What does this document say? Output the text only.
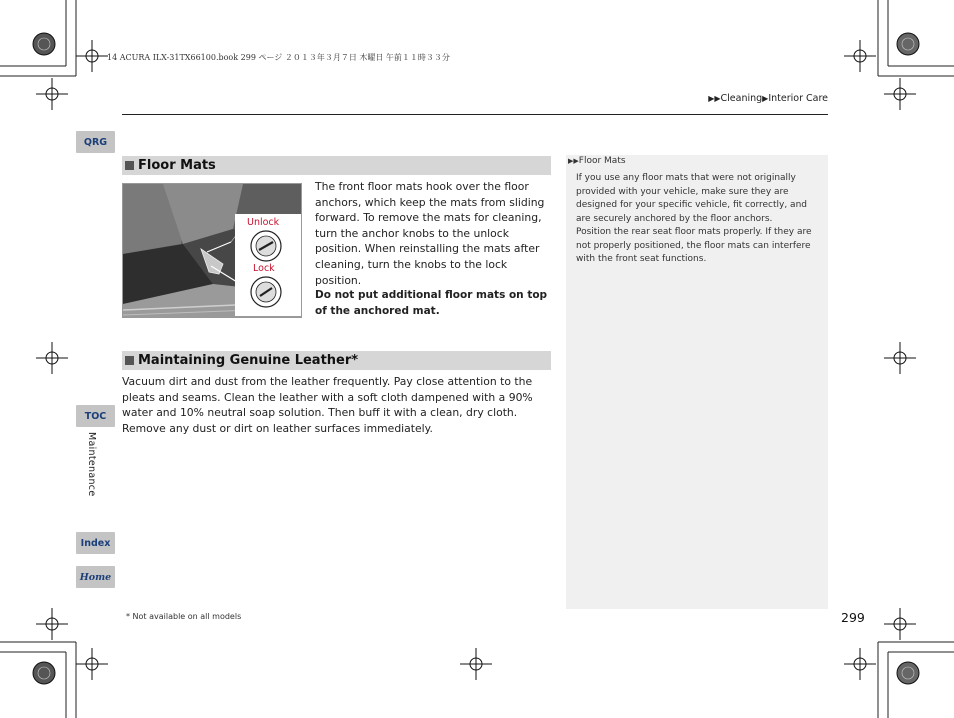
14 ACURA ILX-31TX66100.book 299 ページ ２０１３年３月７日 木曜日 午前１１時３３分
▶▶Cleaning▶Interior Care
QRG
TOC
Maintenance
Index
Home
Floor Mats
Unlock
Lock
The front floor mats hook over the floor anchors, which keep the mats from sliding forward. To remove the mats for cleaning, turn the anchor knobs to the unlock position. When reinstalling the mats after cleaning, turn the knobs to the lock position.
Do not put additional floor mats on top of the anchored mat.
Maintaining Genuine Leather*
Vacuum dirt and dust from the leather frequently. Pay close attention to the pleats and seams. Clean the leather with a soft cloth dampened with a 90% water and 10% neutral soap solution. Then buff it with a clean, dry cloth. Remove any dust or dirt on leather surfaces immediately.
▶▶Floor Mats
If you use any floor mats that were not originally provided with your vehicle, make sure they are designed for your specific vehicle, fit correctly, and are securely anchored by the floor anchors.
Position the rear seat floor mats properly. If they are not properly positioned, the floor mats can interfere with the front seat functions.
* Not available on all models	299
